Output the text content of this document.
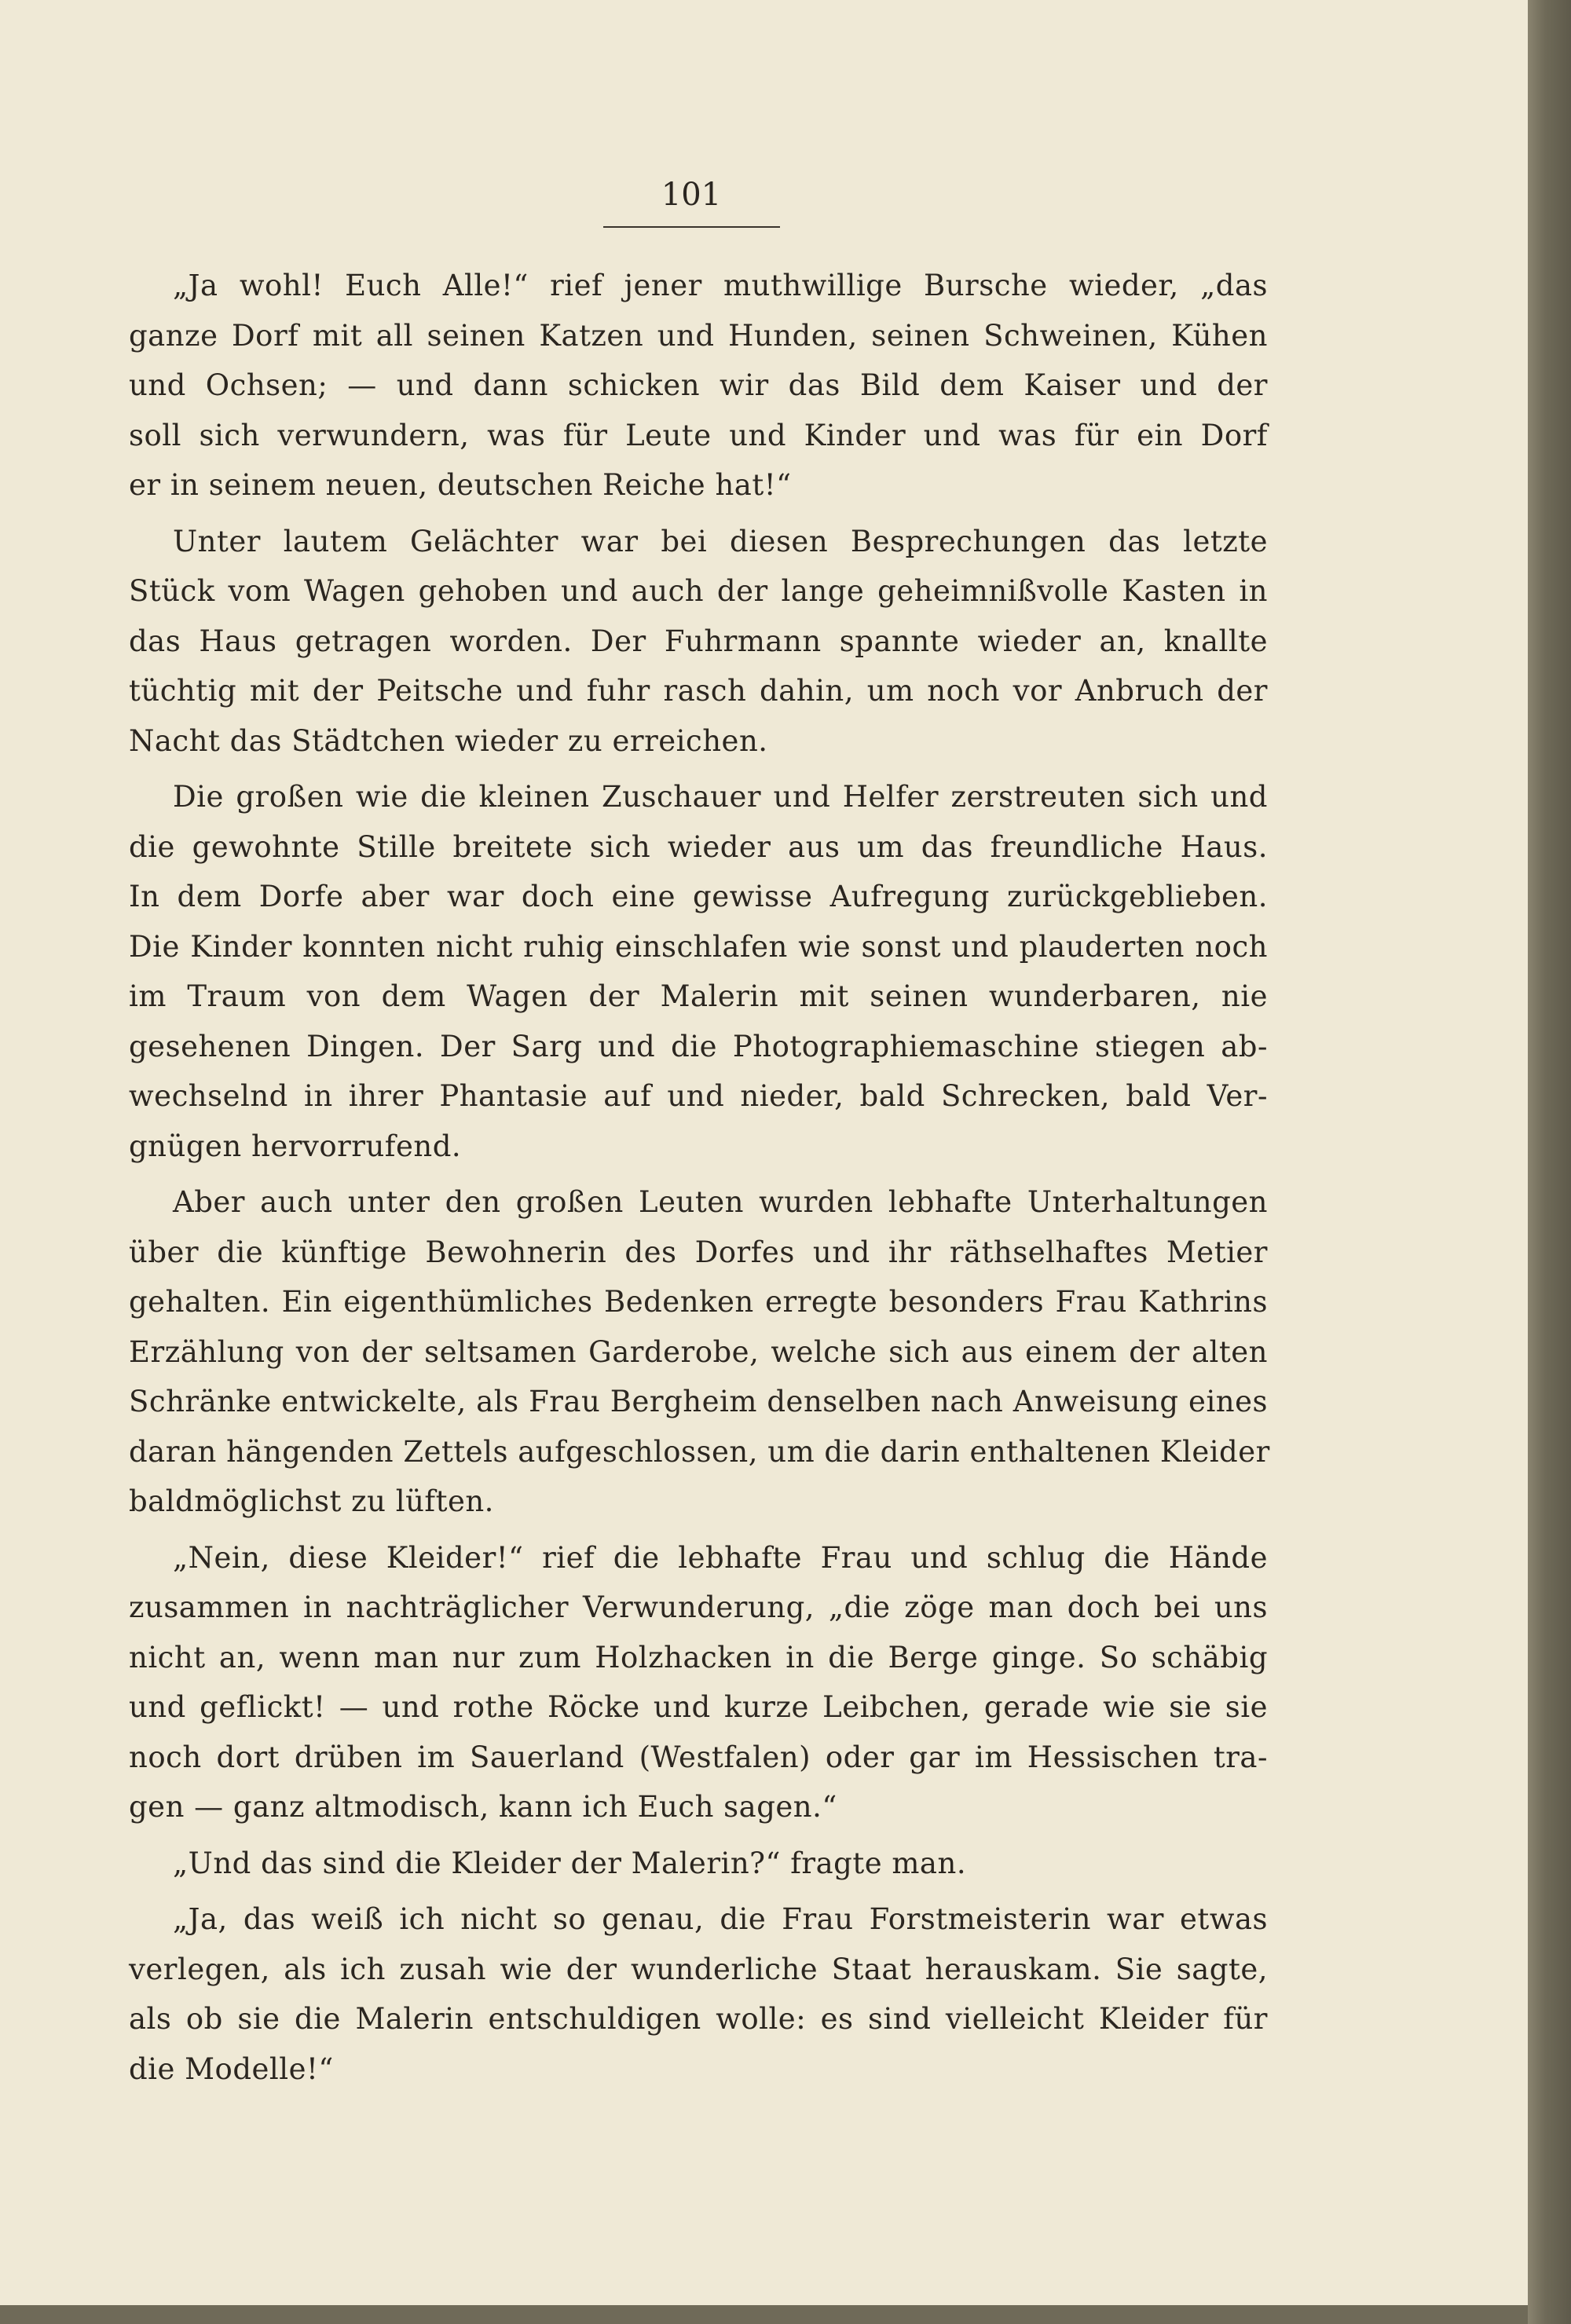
101
„Ja wohl! Euch Alle!“ rief jener muthwillige Bursche wieder, „das
ganze Dorf mit all seinen Katzen und Hunden, seinen Schweinen, Kühen
und Ochsen; — und dann schicken wir das Bild dem Kaiser und der
soll sich verwundern, was für Leute und Kinder und was für ein Dorf
er in seinem neuen, deutschen Reiche hat!“
Unter lautem Gelächter war bei diesen Besprechungen das letzte
Stück vom Wagen gehoben und auch der lange geheimnißvolle Kasten in
das Haus getragen worden. Der Fuhrmann spannte wieder an, knallte
tüchtig mit der Peitsche und fuhr rasch dahin, um noch vor Anbruch der
Nacht das Städtchen wieder zu erreichen.
Die großen wie die kleinen Zuschauer und Helfer zerstreuten sich und
die gewohnte Stille breitete sich wieder aus um das freundliche Haus.
In dem Dorfe aber war doch eine gewisse Aufregung zurückgeblieben.
Die Kinder konnten nicht ruhig einschlafen wie sonst und plauderten noch
im Traum von dem Wagen der Malerin mit seinen wunderbaren, nie
gesehenen Dingen. Der Sarg und die Photographiemaschine stiegen ab-
wechselnd in ihrer Phantasie auf und nieder, bald Schrecken, bald Ver-
gnügen hervorrufend.
Aber auch unter den großen Leuten wurden lebhafte Unterhaltungen
über die künftige Bewohnerin des Dorfes und ihr räthselhaftes Metier
gehalten. Ein eigenthümliches Bedenken erregte besonders Frau Kathrins
Erzählung von der seltsamen Garderobe, welche sich aus einem der alten
Schränke entwickelte, als Frau Bergheim denselben nach Anweisung eines
daran hängenden Zettels aufgeschlossen, um die darin enthaltenen Kleider
baldmöglichst zu lüften.
„Nein, diese Kleider!“ rief die lebhafte Frau und schlug die Hände
zusammen in nachträglicher Verwunderung, „die zöge man doch bei uns
nicht an, wenn man nur zum Holzhacken in die Berge ginge. So schäbig
und geflickt! — und rothe Röcke und kurze Leibchen, gerade wie sie sie
noch dort drüben im Sauerland (Westfalen) oder gar im Hessischen tra-
gen — ganz altmodisch, kann ich Euch sagen.“
„Und das sind die Kleider der Malerin?“ fragte man.
„Ja, das weiß ich nicht so genau, die Frau Forstmeisterin war etwas
verlegen, als ich zusah wie der wunderliche Staat herauskam. Sie sagte,
als ob sie die Malerin entschuldigen wolle: es sind vielleicht Kleider für
die Modelle!“
